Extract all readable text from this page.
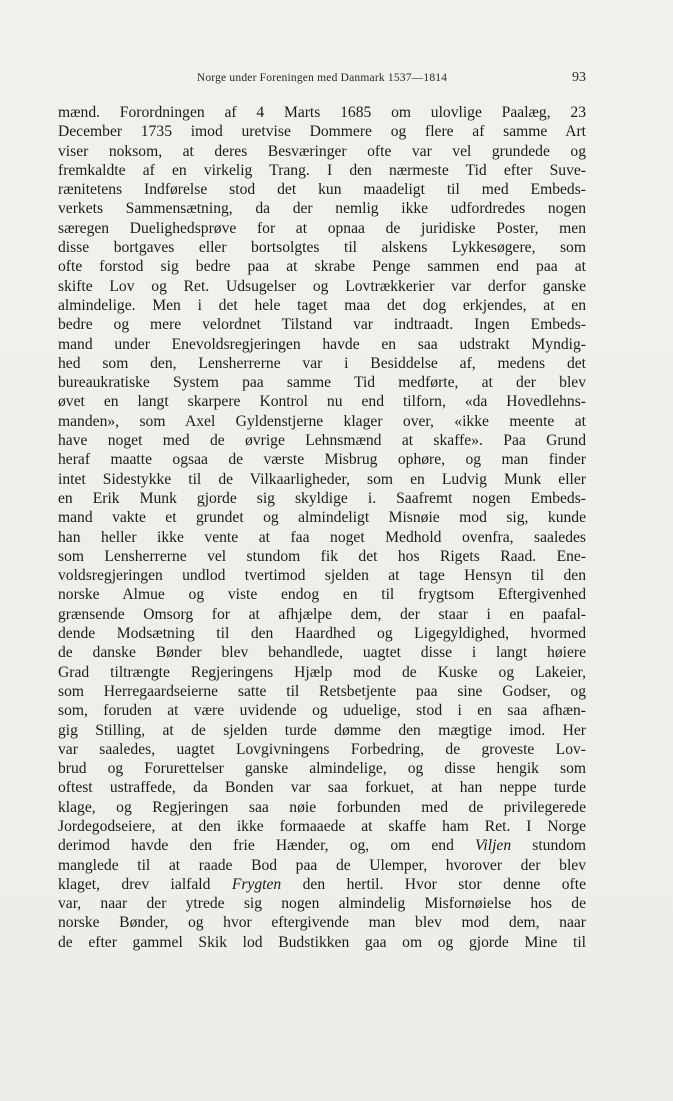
Norge under Foreningen med Danmark 1537—1814	93
mænd. Forordningen af 4 Marts 1685 om ulovlige Paalæg, 23
December 1735 imod uretvise Dommere og flere af samme Art
viser noksom, at deres Besværinger ofte var vel grundede og
fremkaldte af en virkelig Trang. I den nærmeste Tid efter Suve-
rænitetens Indførelse stod det kun maadeligt til med Embeds-
verkets Sammensætning, da der nemlig ikke udfordredes nogen
særegen Duelighedsprøve for at opnaa de juridiske Poster, men
disse bortgaves eller bortsolgtes til alskens Lykkesøgere, som
ofte forstod sig bedre paa at skrabe Penge sammen end paa at
skifte Lov og Ret. Udsugelser og Lovtrækkerier var derfor ganske
almindelige. Men i det hele taget maa det dog erkjendes, at en
bedre og mere velordnet Tilstand var indtraadt. Ingen Embeds-
mand under Enevoldsregjeringen havde en saa udstrakt Myndig-
hed som den, Lensherrerne var i Besiddelse af, medens det
bureaukratiske System paa samme Tid medførte, at der blev
øvet en langt skarpere Kontrol nu end tilforn, «da Hovedlehns-
manden», som Axel Gyldenstjerne klager over, «ikke meente at
have noget med de øvrige Lehnsmænd at skaffe». Paa Grund
heraf maatte ogsaa de værste Misbrug ophøre, og man finder
intet Sidestykke til de Vilkaarligheder, som en Ludvig Munk eller
en Erik Munk gjorde sig skyldige i. Saafremt nogen Embeds-
mand vakte et grundet og almindeligt Misnøie mod sig, kunde
han heller ikke vente at faa noget Medhold ovenfra, saaledes
som Lensherrerne vel stundom fik det hos Rigets Raad. Ene-
voldsregjeringen undlod tvertimod sjelden at tage Hensyn til den
norske Almue og viste endog en til frygtsom Eftergivenhed
grænsende Omsorg for at afhjælpe dem, der staar i en paafal-
dende Modsætning til den Haardhed og Ligegyldighed, hvormed
de danske Bønder blev behandlede, uagtet disse i langt høiere
Grad tiltrængte Regjeringens Hjælp mod de Kuske og Lakeier,
som Herregaardseierne satte til Retsbetjente paa sine Godser, og
som, foruden at være uvidende og uduelige, stod i en saa afhæn-
gig Stilling, at de sjelden turde dømme den mægtige imod. Her
var saaledes, uagtet Lovgivningens Forbedring, de groveste Lov-
brud og Forurettelser ganske almindelige, og disse hengik som
oftest ustraffede, da Bonden var saa forkuet, at han neppe turde
klage, og Regjeringen saa nøie forbunden med de privilegerede
Jordegodseiere, at den ikke formaaede at skaffe ham Ret. I Norge
derimod havde den frie Hænder, og, om end Viljen stundom
manglede til at raade Bod paa de Ulemper, hvorover der blev
klaget, drev ialfald Frygten den hertil. Hvor stor denne ofte
var, naar der ytrede sig nogen almindelig Misfornøielse hos de
norske Bønder, og hvor eftergivende man blev mod dem, naar
de efter gammel Skik lod Budstikken gaa om og gjorde Mine til
